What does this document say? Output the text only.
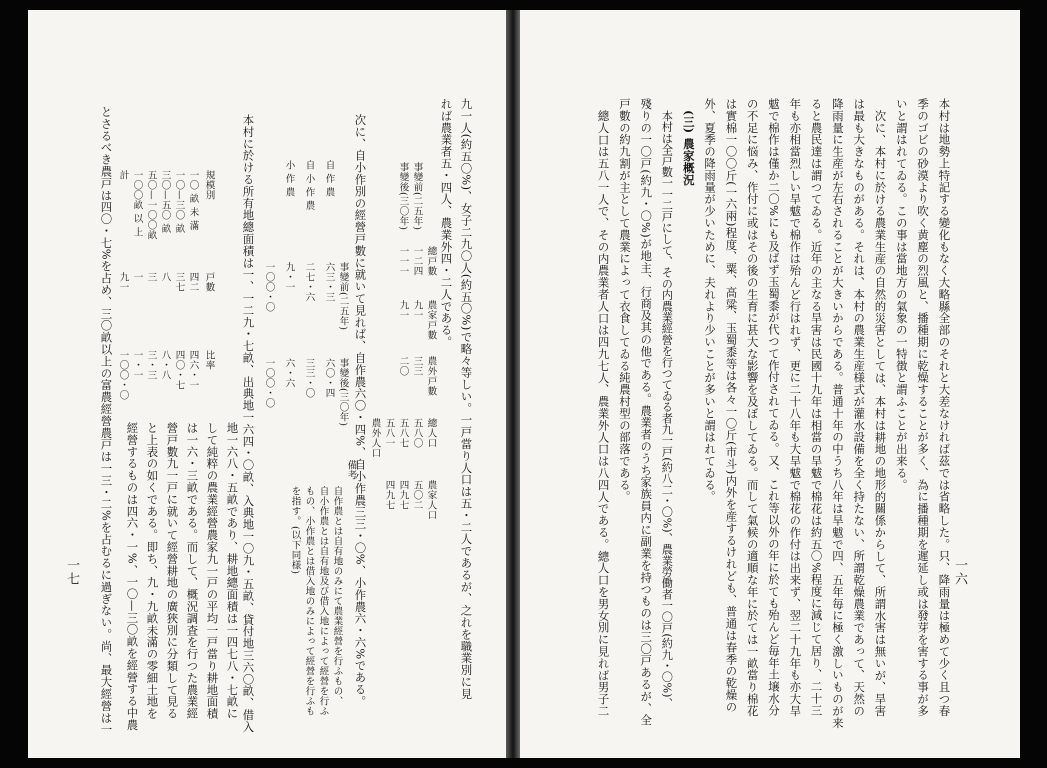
一六
本村は地勢上特記する變化もなく大略縣全部のそれと大差なければ茲では省略した。只、降雨量は極めて少く且つ春
季のゴビの砂漠より吹く黄塵の烈風と、播種期に乾燥することが多く、為に播種期を遲延し或は發芽を害する事が多
いと謂はれてゐる。この事は當地方の氣象の一特徴と謂ふことが出来る。
次に、本村に於ける農業生産の自然的災害としては、本村は耕地の地形的關係からして、所謂水害は無いが、旱害
は最も大きなものがある。それは、本村の農業生産様式が灌水設備を全く持たない、所謂乾燥農業であって、天然の
降雨量に生産が左右されることが大きいからである。普通十年の中うち八年は旱魃で四、五年毎に極く激しいものが来
ると農民達は謂つてゐる。近年の主なる旱害は民國十九年は相當の旱魃で棉花は約五〇%程度に減じて居り、二十三
年も亦相當烈しい旱魃で棉作は殆んど行はれず、更に二十八年も大旱魃で棉花の作付は出来ず、翌二十九年も亦大旱
魃で棉作は僅か二〇%にも及ばず玉蜀黍が代つて作付されてゐる。又、これ等以外の年に於ても殆んど毎年土壌水分
の不足に悩み、作付に或はその後の生育に甚大な影響を及ぼしてゐる。而して氣候の適順な年に於ては一畝當り棉花
は實棉一〇〇斤(一六兩)程度、粟、高粱、玉蜀黍等は各々一〇斤(市斗)内外を産するけれども、普通は春季の乾燥の
外、夏季の降雨量が少いために、夫れより少いことが多いと謂はれてゐる。
(三) 農家概況
本村は全戸數一一二戸にして、その内農業經營を行つてゐる者九一戸(約八二・〇%)、農業勞働者一〇戸(約九・〇%)、
殘りの一〇戸(約九・〇%)が地主、行商及其の他である。農業者のうち家族員内に副業を持つものは三〇戸あるが、全
戸數の約九割が主として農業によって衣食してゐる純農村型の部落である。
總人口は五八一人で、その内農業者人口は四九七人、農業外人口は八四人である。總人口を男女別に見れば男子二
一七	九一人(約五〇%)、女子二九〇人(約五〇%)で略々等しい。一戸當り人口は五・二人であるが、之れを職業別に見
れば農業者五・四人、農業外四・二人である。
事變前(二五年)
事變後(三〇年)
總戸數
一二四
一一一
農家戸數
九一
九一
農外戸數
三三
二〇
總人口
五八〇
五八七
五八一
農家人口
五〇二
四九七
四九七
農外人口
次に、自小作別の經營戸數に就いて見れば、自作農六〇・四%、自小作農三三・〇%、小作農六・六%である。
自 作 農
自 小 作 農
小 作 農
事變前(二五年)
六三・三
二七・六
九・一
一〇〇・〇
事變後(三〇年)
六〇・四
三三・〇
六・六
一〇〇・〇
備考
自作農とは自有地のみにて農業經營を行ふもの、
自小作農とは自有地及び借入地によって經營を行ふ
もの、小作農とは借入地のみによって經營を行ふも
を指す。(以下同様)
本村に於ける所有地總面積は一、一二九・七畝、出典地一六四・〇畝、入典地一〇九・五畝、貸付地三六〇畝、借入
規模別
一〇 畝 未 滿
一〇—三〇 畝
三〇—五〇 畝
五〇—一〇〇畝
一〇〇畝 以 上
計
戸數
四二
三七
八
三
一
九一
比率
四六・一
四〇・七
八・八
三・三
一・一
一〇〇・〇
地一六八・五畝であり、耕地總面積は一四七八・七畝に
して純粹の農業經營農家九一戸の平均一戸當り耕地面積
は一六・三畝である。而して、概況調査を行つた農業經
營戸數九一戸に就いて經營耕地の廣狹別に分類して見る
と上表の如くである。即ち、九・九畝未滿の零細土地を
經營するものは四六・一%、一〇—三〇畝を經營する中農
とさるべき農戸は四〇・七%を占め、三〇畝以上の富農經營農戸は一三・二%を占むるに過ぎない。尚、最大經營は一
